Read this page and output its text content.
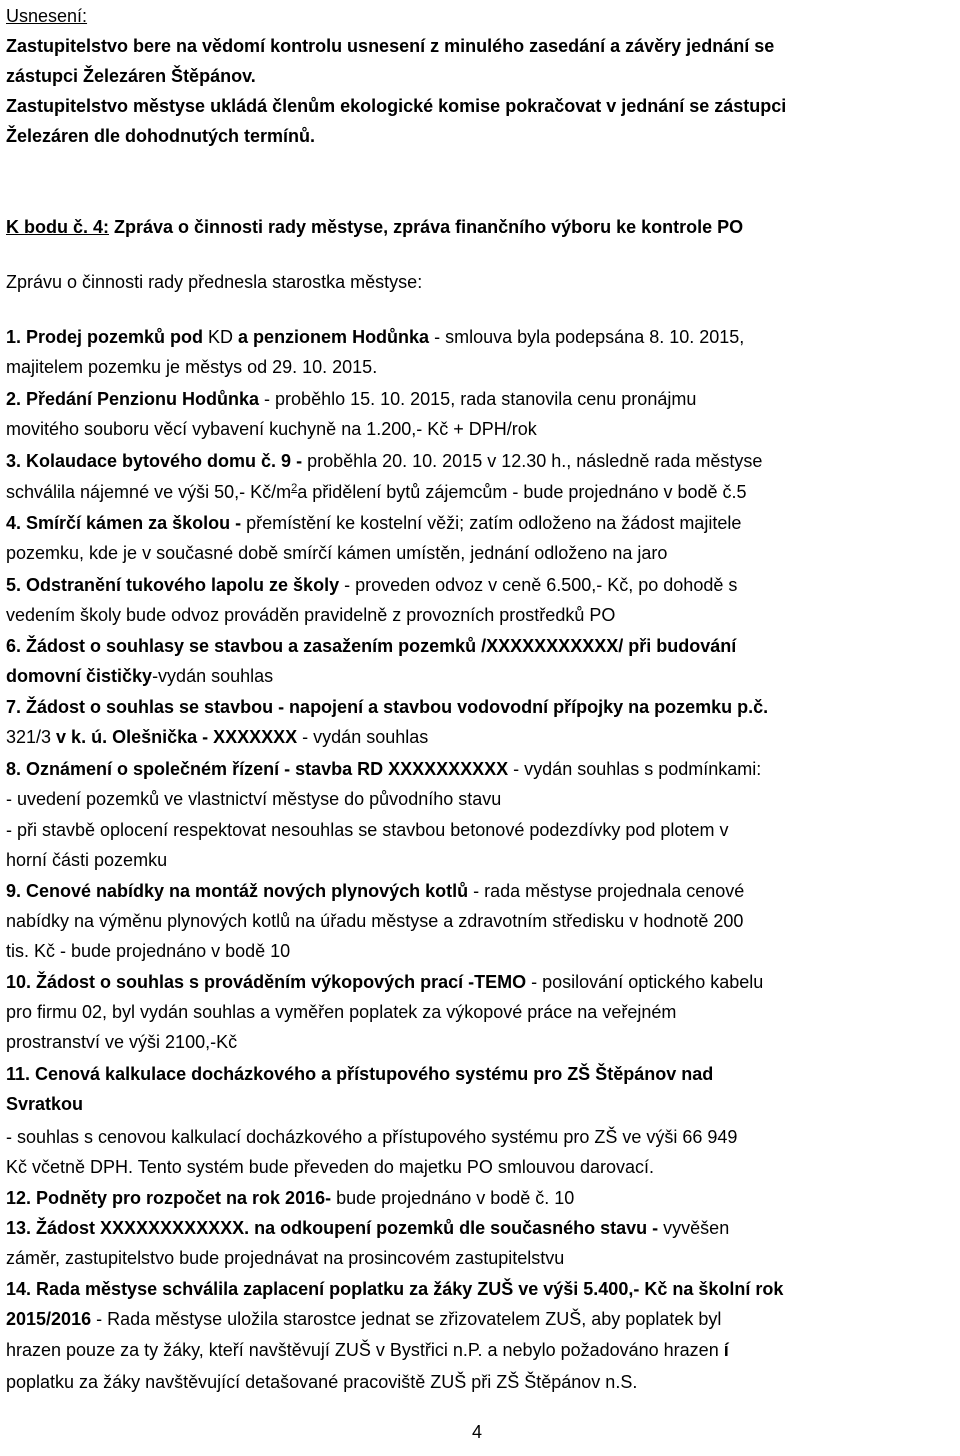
Usnesení:
Zastupitelstvo bere na vědomí kontrolu usnesení z minulého zasedání a závěry jednání se
zástupci Železáren Štěpánov.
Zastupitelstvo městyse ukládá členům ekologické komise pokračovat v jednání se zástupci
Železáren dle dohodnutých termínů.
K bodu č. 4: Zpráva o činnosti rady městyse, zpráva finančního výboru ke kontrole PO
Zprávu o činnosti rady přednesla starostka městyse:
1. Prodej pozemků pod KD a penzionem Hodůnka - smlouva byla podepsána 8. 10. 2015,
majitelem pozemku je městys od 29. 10. 2015.
2. Předání Penzionu Hodůnka - proběhlo 15. 10. 2015, rada stanovila cenu pronájmu
movitého souboru věcí vybavení kuchyně na 1.200,- Kč + DPH/rok
3. Kolaudace bytového domu č. 9 - proběhla 20. 10. 2015 v 12.30 h., následně rada městyse
schválila nájemné ve výši 50,- $Kč/m^2a$ přidělení bytů zájemcům - bude projednáno v bodě č.5
4. Smírčí kámen za školou - přemístění ke kostelní věži; zatím odloženo na žádost majitele
pozemku, kde je v současné době smírčí kámen umístěn, jednání odloženo na jaro
5. Odstranění tukového lapolu ze školy - proveden odvoz v ceně 6.500,- Kč, po dohodě s
vedením školy bude odvoz prováděn pravidelně z provozních prostředků PO
6. Žádost o souhlasy se stavbou a zasažením pozemků /XXXXXXXXXXX/ při budování
domovní čističky-vydán souhlas
7. Žádost o souhlas se stavbou - napojení a stavbou vodovodní přípojky na pozemku p.č.
321/3 v k. ú. Olešnička - XXXXXXX - vydán souhlas
8. Oznámení o společném řízení - stavba RD XXXXXXXXXX - vydán souhlas s podmínkami:
- uvedení pozemků ve vlastnictví městyse do původního stavu
- při stavbě oplocení respektovat nesouhlas se stavbou betonové podezdívky pod plotem v
horní části pozemku
9. Cenové nabídky na montáž nových plynových kotlů - rada městyse projednala cenové
nabídky na výměnu plynových kotlů na úřadu městyse a zdravotním středisku v hodnotě 200
tis. Kč - bude projednáno v bodě 10
10. Žádost o souhlas s prováděním výkopových prací -TEMO - posilování optického kabelu
pro firmu 02, byl vydán souhlas a vyměřen poplatek za výkopové práce na veřejném
prostranství ve výši 2100,-Kč
11. Cenová kalkulace docházkového a přístupového systému pro ZŠ Štěpánov nad
Svratkou
- souhlas s cenovou kalkulací docházkového a přístupového systému pro ZŠ ve výši 66 949
Kč včetně DPH. Tento systém bude převeden do majetku PO smlouvou darovací.
12. Podněty pro rozpočet na rok 2016- bude projednáno v bodě č. 10
13. Žádost XXXXXXXXXXXX. na odkoupení pozemků dle současného stavu - vyvěšen
záměr, zastupitelstvo bude projednávat na prosincovém zastupitelstvu
14. Rada městyse schválila zaplacení poplatku za žáky ZUŠ ve výši 5.400,- Kč na školní rok
2015/2016 - Rada městyse uložila starostce jednat se zřizovatelem ZUŠ, aby poplatek byl
hrazen pouze za ty žáky, kteří navštěvují ZUŠ v Bystřici n.P. a nebylo požadováno hrazen í
poplatku za žáky navštěvující detašované pracoviště ZUŠ při ZŠ Štěpánov n.S.
4
